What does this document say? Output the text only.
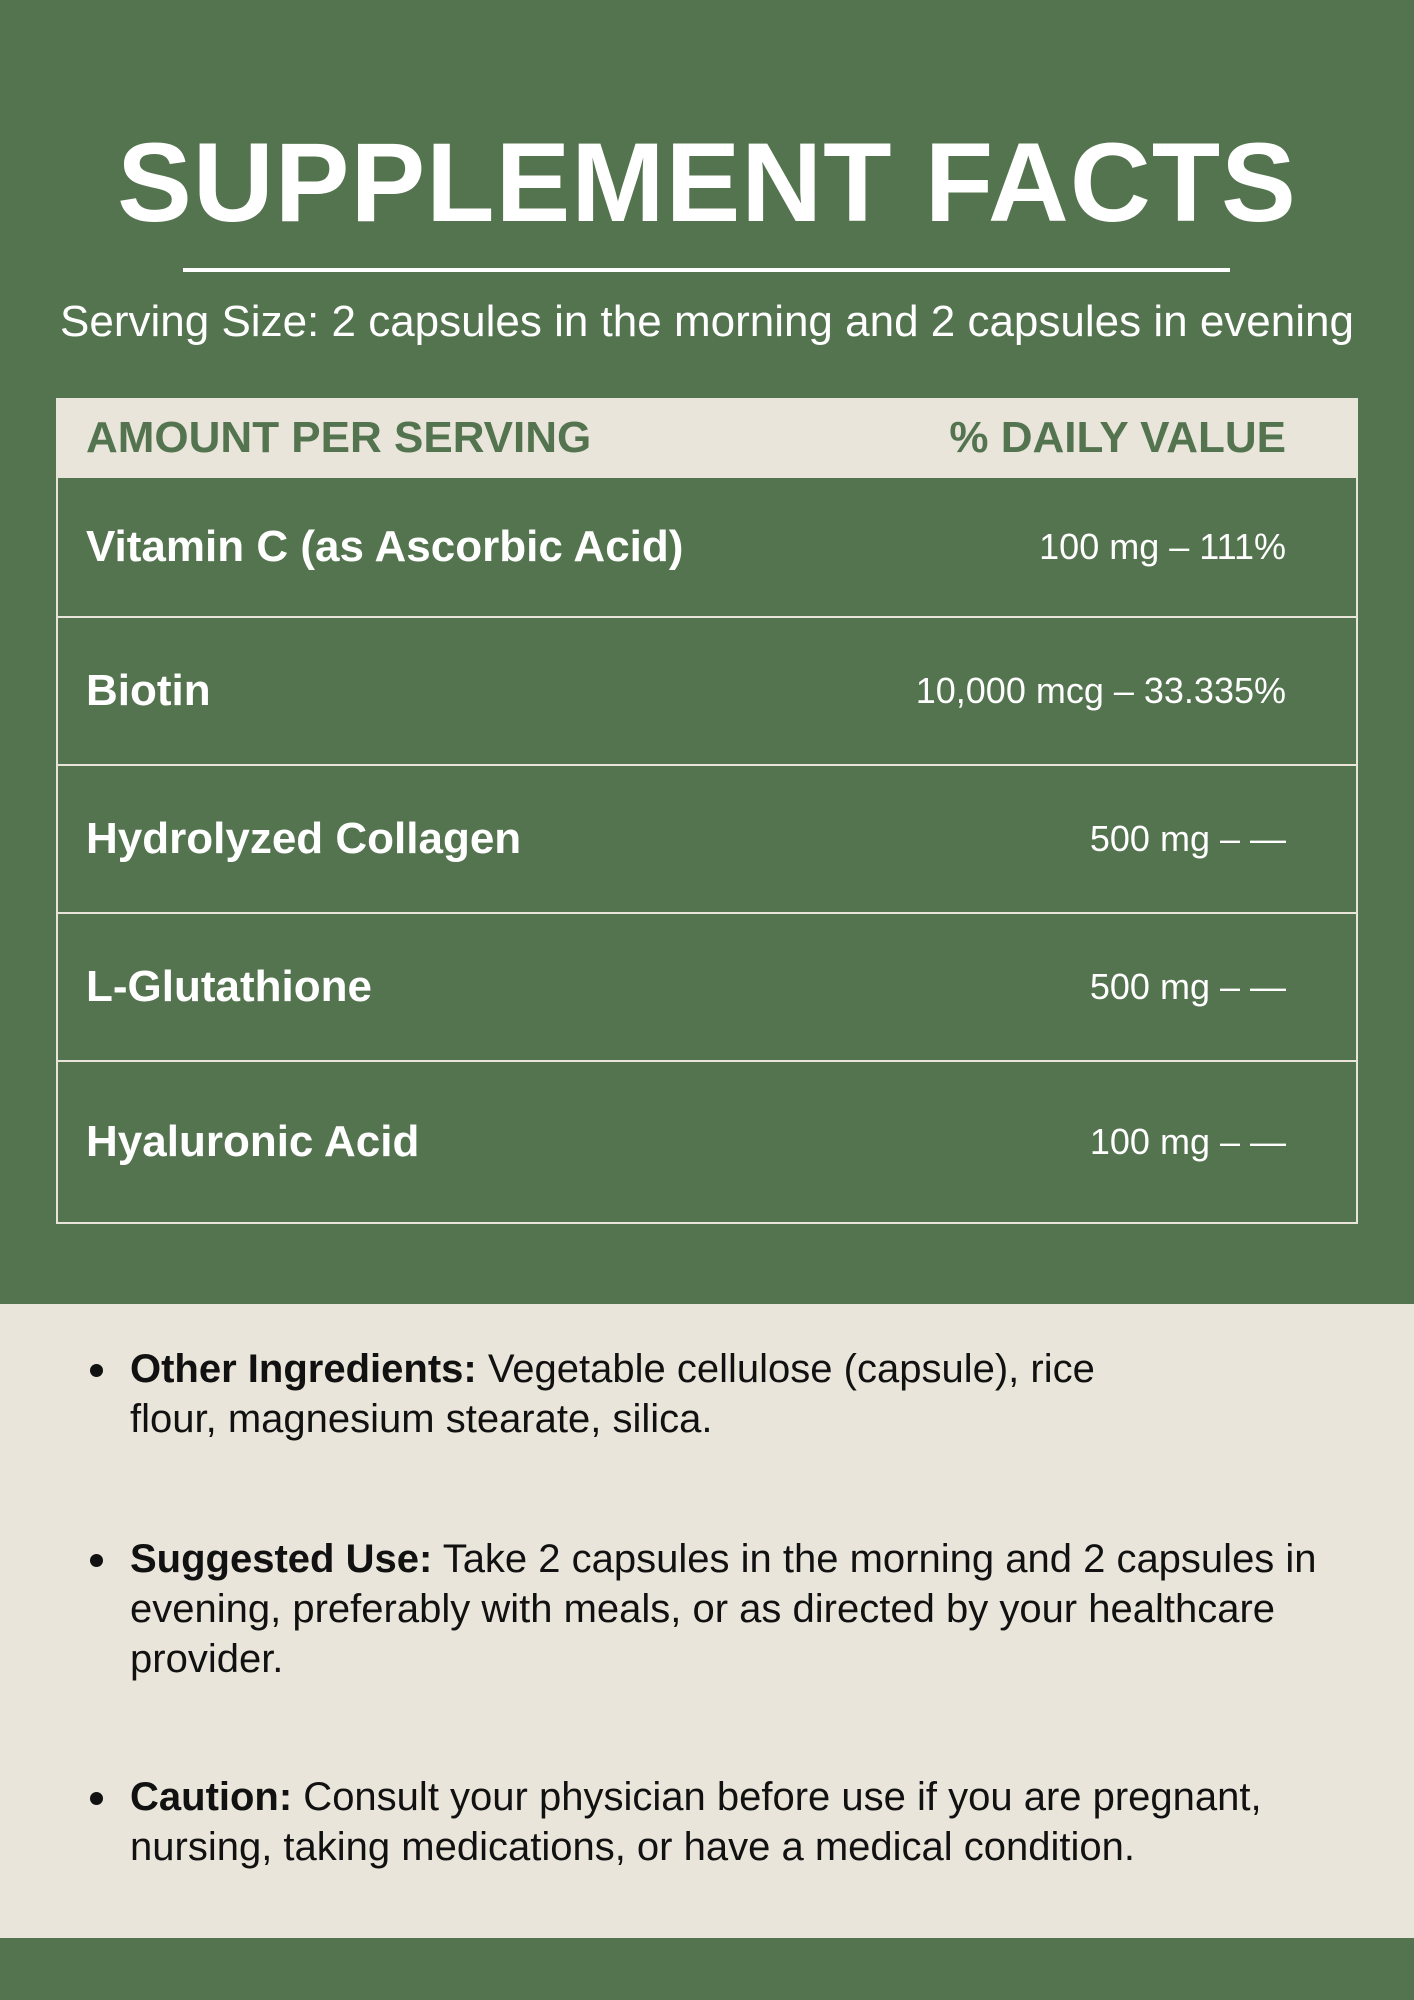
SUPPLEMENT FACTS
Serving Size: 2 capsules in the morning and 2 capsules in evening
AMOUNT PER SERVING	% DAILY VALUE
Vitamin C (as Ascorbic Acid)	100 mg – 111%
Biotin	10,000 mcg – 33.335%
Hydrolyzed Collagen	500 mg – —
L-Glutathione	500 mg – —
Hyaluronic Acid	100 mg – —
Other Ingredients: Vegetable cellulose (capsule), rice flour, magnesium stearate, silica.
Suggested Use: Take 2 capsules in the morning and 2 capsules in evening, preferably with meals, or as directed by your healthcare provider.
Caution: Consult your physician before use if you are pregnant, nursing, taking medications, or have a medical condition.
